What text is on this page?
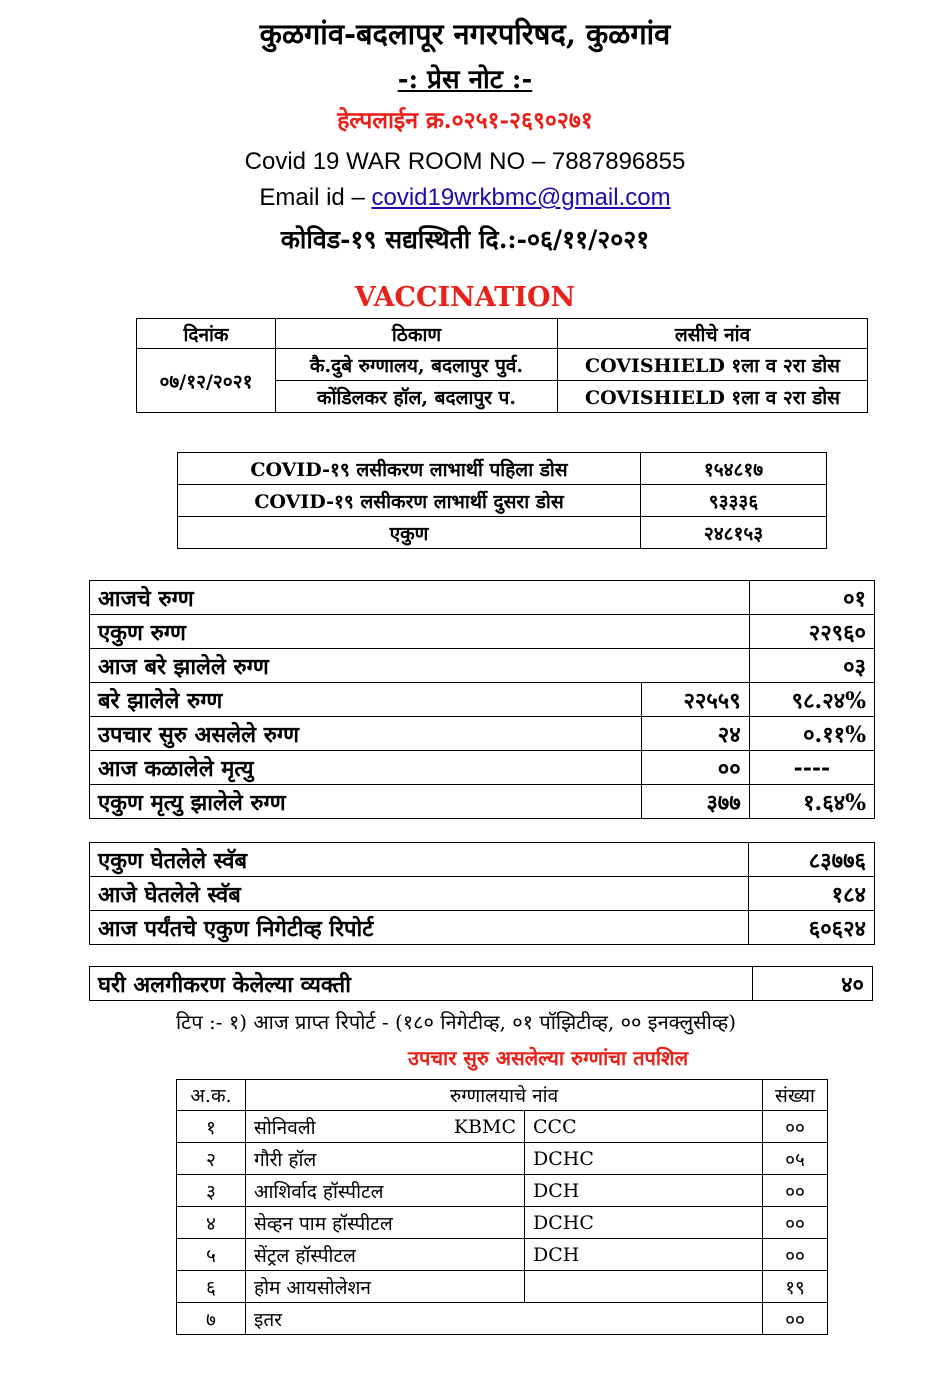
कुळगांव-बदलापूर नगरपरिषद, कुळगांव
-: प्रेस नोट :-
हेल्पलाईन क्र.०२५१-२६९०२७१
Covid 19 WAR ROOM NO – 7887896855
Email id – covid19wrkbmc@gmail.com
कोविड-१९ सद्यस्थिती दि.:-०६/११/२०२१
VACCINATION
दिनांक	ठिकाण	लसीचे नांव
०७/१२/२०२१	कै.दुबे रुग्णालय, बदलापुर पुर्व.	COVISHIELD १ला व २रा डोस
	कोंडिलकर हॉल, बदलापुर प.	COVISHIELD १ला व २रा डोस
COVID-१९ लसीकरण लाभार्थी पहिला डोस	१५४८१७
COVID-१९ लसीकरण लाभार्थी दुसरा डोस	९३३३६
एकुण	२४८१५३
आजचे रुग्ण		०१
एकुण रुग्ण		२२९६०
आज बरे झालेले रुग्ण		०३
बरे झालेले रुग्ण	२२५५९	९८.२४%
उपचार सुरु असलेले रुग्ण	२४	०.११%
आज कळालेले मृत्यु	००	----
एकुण मृत्यु झालेले रुग्ण	३७७	१.६४%
एकुण घेतलेले स्वॅब	८३७७६
आजे घेतलेले स्वॅब	१८४
आज पर्यंतचे एकुण निगेटीव्ह रिपोर्ट	६०६२४
घरी अलगीकरण केलेल्या व्यक्ती	४०
टिप :- १) आज प्राप्त रिपोर्ट - (१८० निगेटीव्ह, ०१ पॉझिटीव्ह, ०० इनक्लुसीव्ह)
उपचार सुरु असलेल्या रुग्णांचा तपशिल
अ.क.	रुग्णालयाचे नांव			संख्या
१	सोनिवली	KBMC	CCC	००
२	गौरी हॉल		DCHC	०५
३	आशिर्वाद हॉस्पीटल		DCH	००
४	सेव्हन पाम हॉस्पीटल		DCHC	००
५	सेंट्रल हॉस्पीटल		DCH	००
६	होम आयसोलेशन			१९
७	इतर			००
